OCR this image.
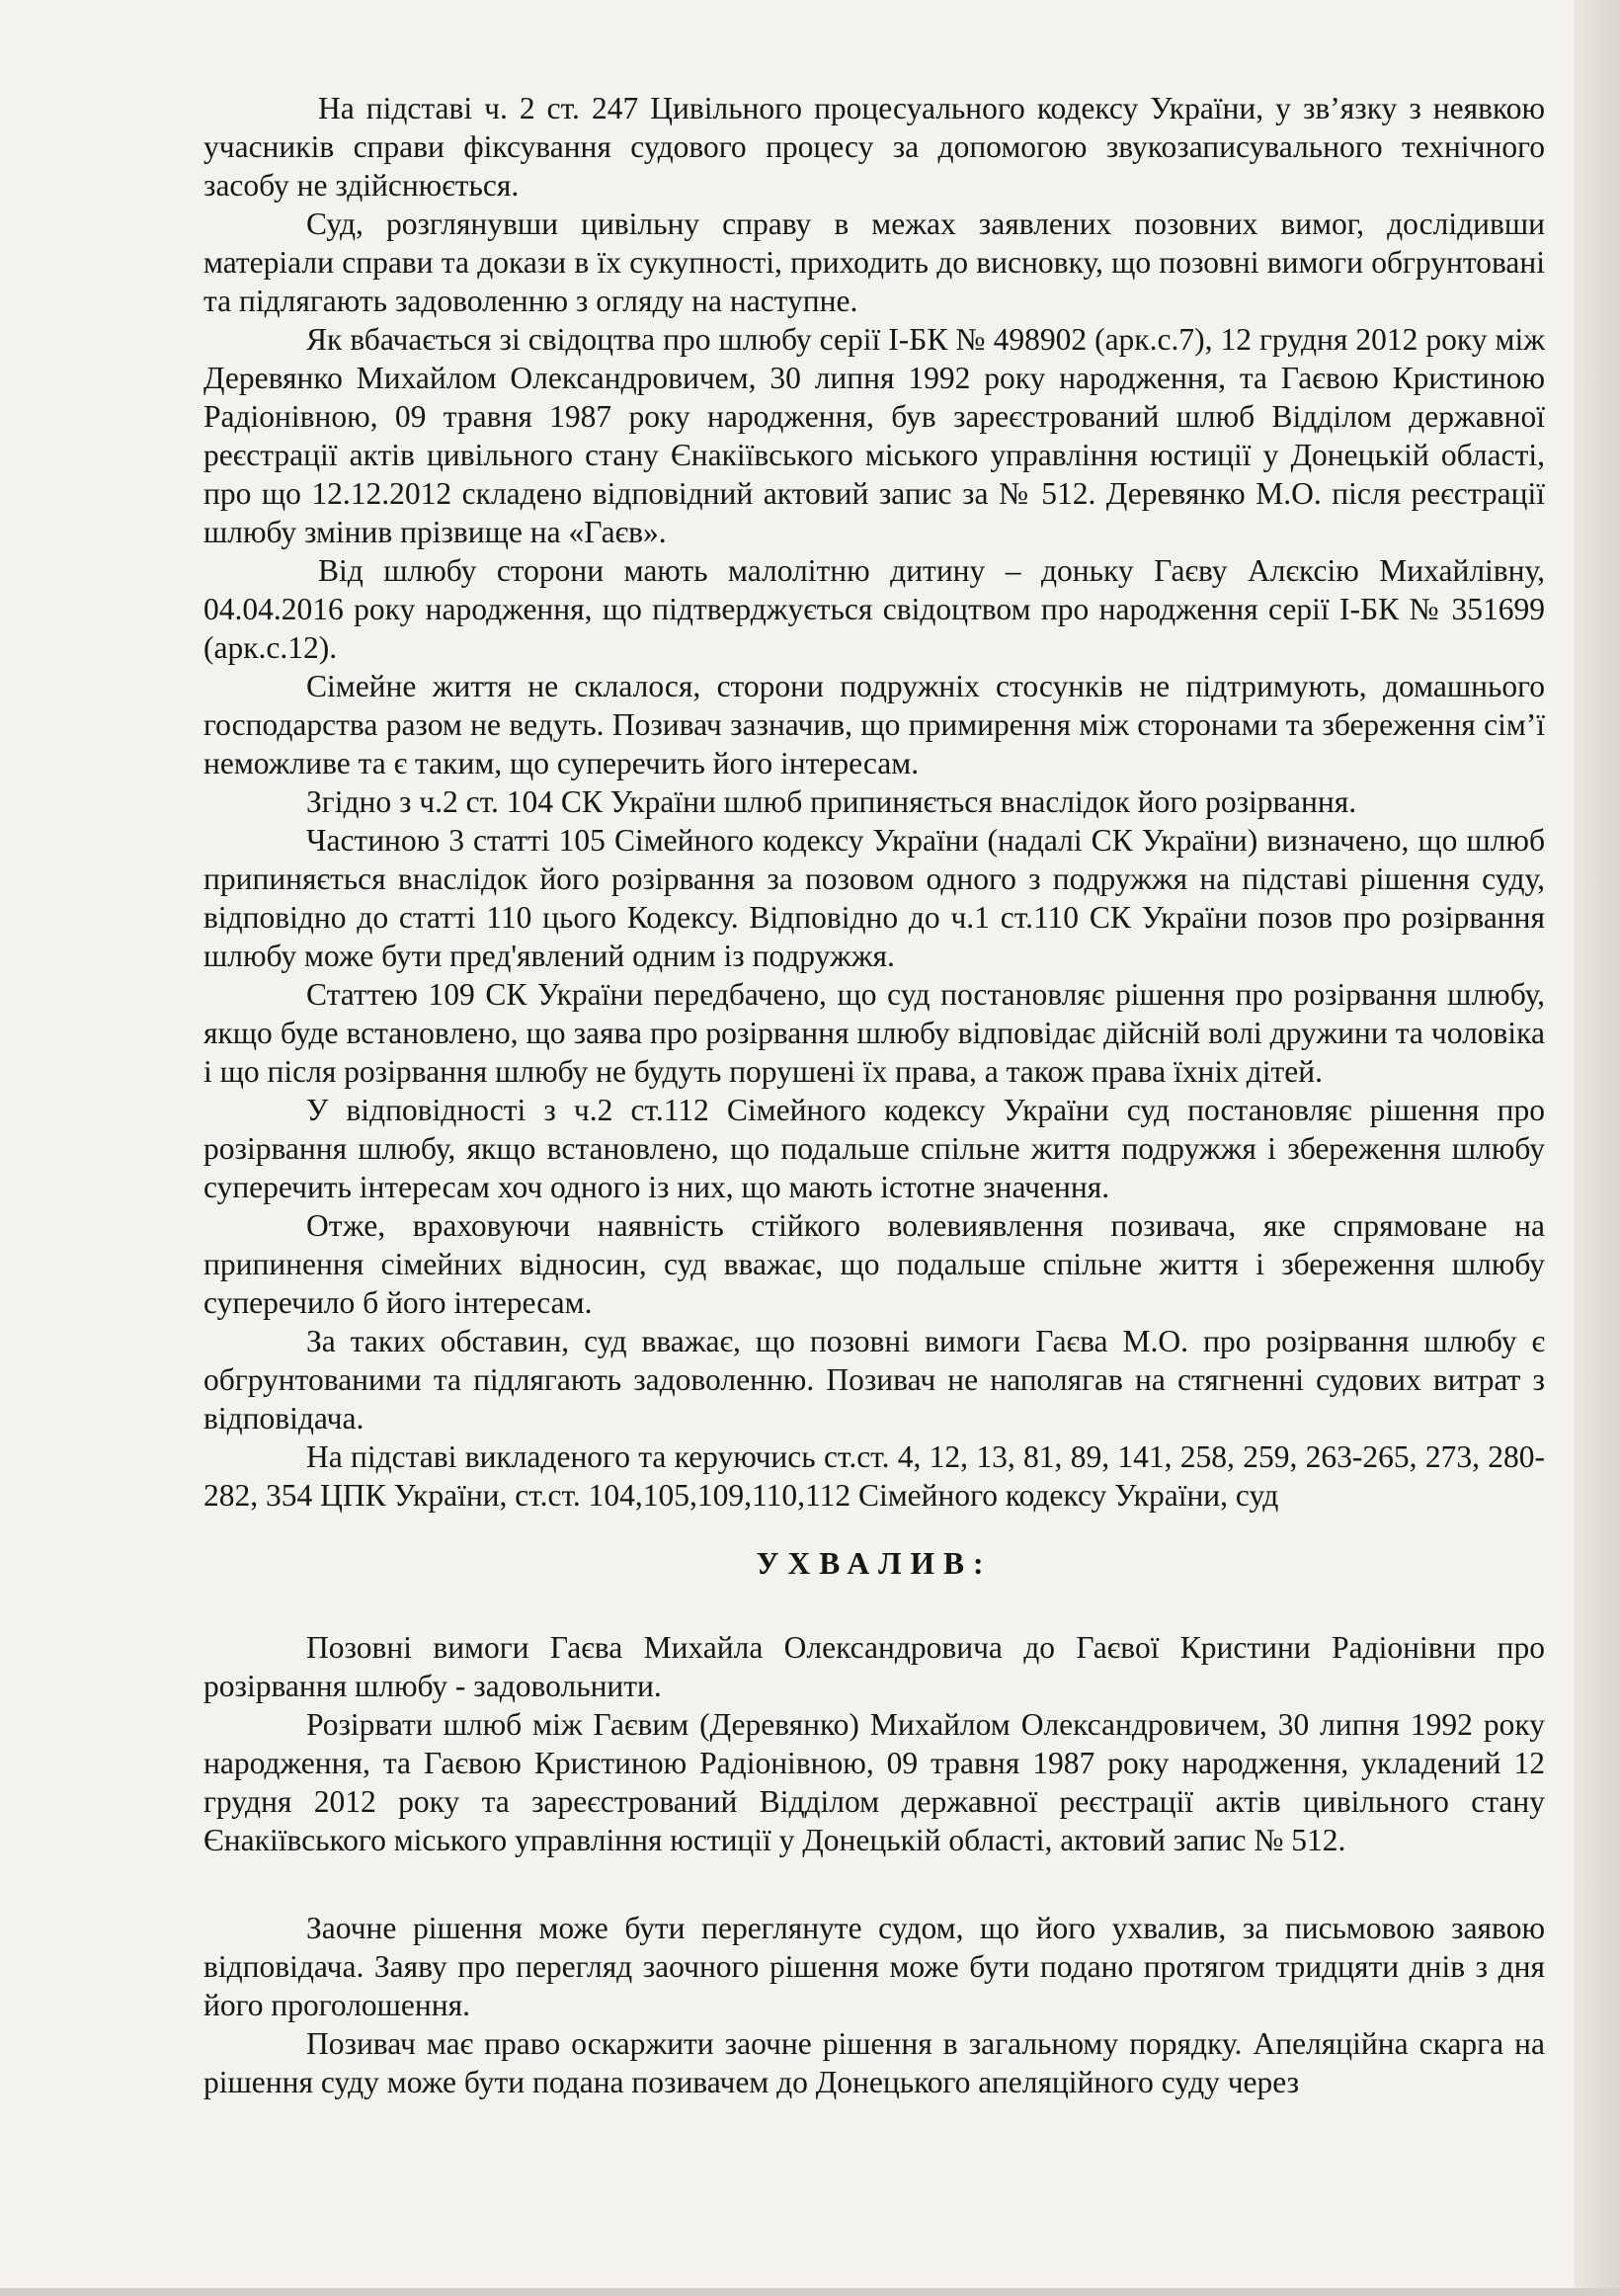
На підставі ч. 2 ст. 247 Цивільного процесуального кодексу України, у зв’язку з неявкою учасників справи фіксування судового процесу за допомогою звукозаписувального технічного засобу не здійснюється.

Суд, розглянувши цивільну справу в межах заявлених позовних вимог, дослідивши матеріали справи та докази в їх сукупності, приходить до висновку, що позовні вимоги обгрунтовані та підлягають задоволенню з огляду на наступне.

Як вбачається зі свідоцтва про шлюбу серії І-БК № 498902 (арк.с.7), 12 грудня 2012 року між Деревянко Михайлом Олександровичем, 30 липня 1992 року народження, та Гаєвою Кристиною Радіонівною, 09 травня 1987 року народження, був зареєстрований шлюб Відділом державної реєстрації актів цивільного стану Єнакіївського міського управління юстиції у Донецькій області, про що 12.12.2012 складено відповідний актовий запис за № 512. Деревянко М.О. після реєстрації шлюбу змінив прізвище на «Гаєв».

Від шлюбу сторони мають малолітню дитину – доньку Гаєву Алєксію Михайлівну, 04.04.2016 року народження, що підтверджується свідоцтвом про народження серії І-БК № 351699 (арк.с.12).

Сімейне життя не склалося, сторони подружніх стосунків не підтримують, домашнього господарства разом не ведуть. Позивач зазначив, що примирення між сторонами та збереження сім’ї неможливе та є таким, що суперечить його інтересам.

Згідно з ч.2 ст. 104 СК України шлюб припиняється внаслідок його розірвання.

Частиною 3 статті 105 Сімейного кодексу України (надалі СК України) визначено, що шлюб припиняється внаслідок його розірвання за позовом одного з подружжя на підставі рішення суду, відповідно до статті 110 цього Кодексу. Відповідно до ч.1 ст.110 СК України позов про розірвання шлюбу може бути пред'явлений одним із подружжя.

Статтею 109 СК України передбачено, що суд постановляє рішення про розірвання шлюбу, якщо буде встановлено, що заява про розірвання шлюбу відповідає дійсній волі дружини та чоловіка і що після розірвання шлюбу не будуть порушені їх права, а також права їхніх дітей.

У відповідності з ч.2 ст.112 Сімейного кодексу України суд постановляє рішення про розірвання шлюбу, якщо встановлено, що подальше спільне життя подружжя і збереження шлюбу суперечить інтересам хоч одного із них, що мають істотне значення.

Отже, враховуючи наявність стійкого волевиявлення позивача, яке спрямоване на припинення сімейних відносин, суд вважає, що подальше спільне життя і збереження шлюбу суперечило б його інтересам.

За таких обставин, суд вважає, що позовні вимоги Гаєва М.О. про розірвання шлюбу є обгрунтованими та підлягають задоволенню. Позивач не наполягав на стягненні судових витрат з відповідача.

На підставі викладеного та керуючись ст.ст. 4, 12, 13, 81, 89, 141, 258, 259, 263-265, 273, 280-282, 354 ЦПК України, ст.ст. 104,105,109,110,112 Сімейного кодексу України, суд

УХВАЛИВ:

Позовні вимоги Гаєва Михайла Олександровича до Гаєвої Кристини Радіонівни про розірвання шлюбу - задовольнити.

Розірвати шлюб між Гаєвим (Деревянко) Михайлом Олександровичем, 30 липня 1992 року народження, та Гаєвою Кристиною Радіонівною, 09 травня 1987 року народження, укладений 12 грудня 2012 року та зареєстрований Відділом державної реєстрації актів цивільного стану Єнакіївського міського управління юстиції у Донецькій області, актовий запис № 512.

Заочне рішення може бути переглянуте судом, що його ухвалив, за письмовою заявою відповідача. Заяву про перегляд заочного рішення може бути подано протягом тридцяти днів з дня його проголошення.

Позивач має право оскаржити заочне рішення в загальному порядку. Апеляційна скарга на рішення суду може бути подана позивачем до Донецького апеляційного суду через
